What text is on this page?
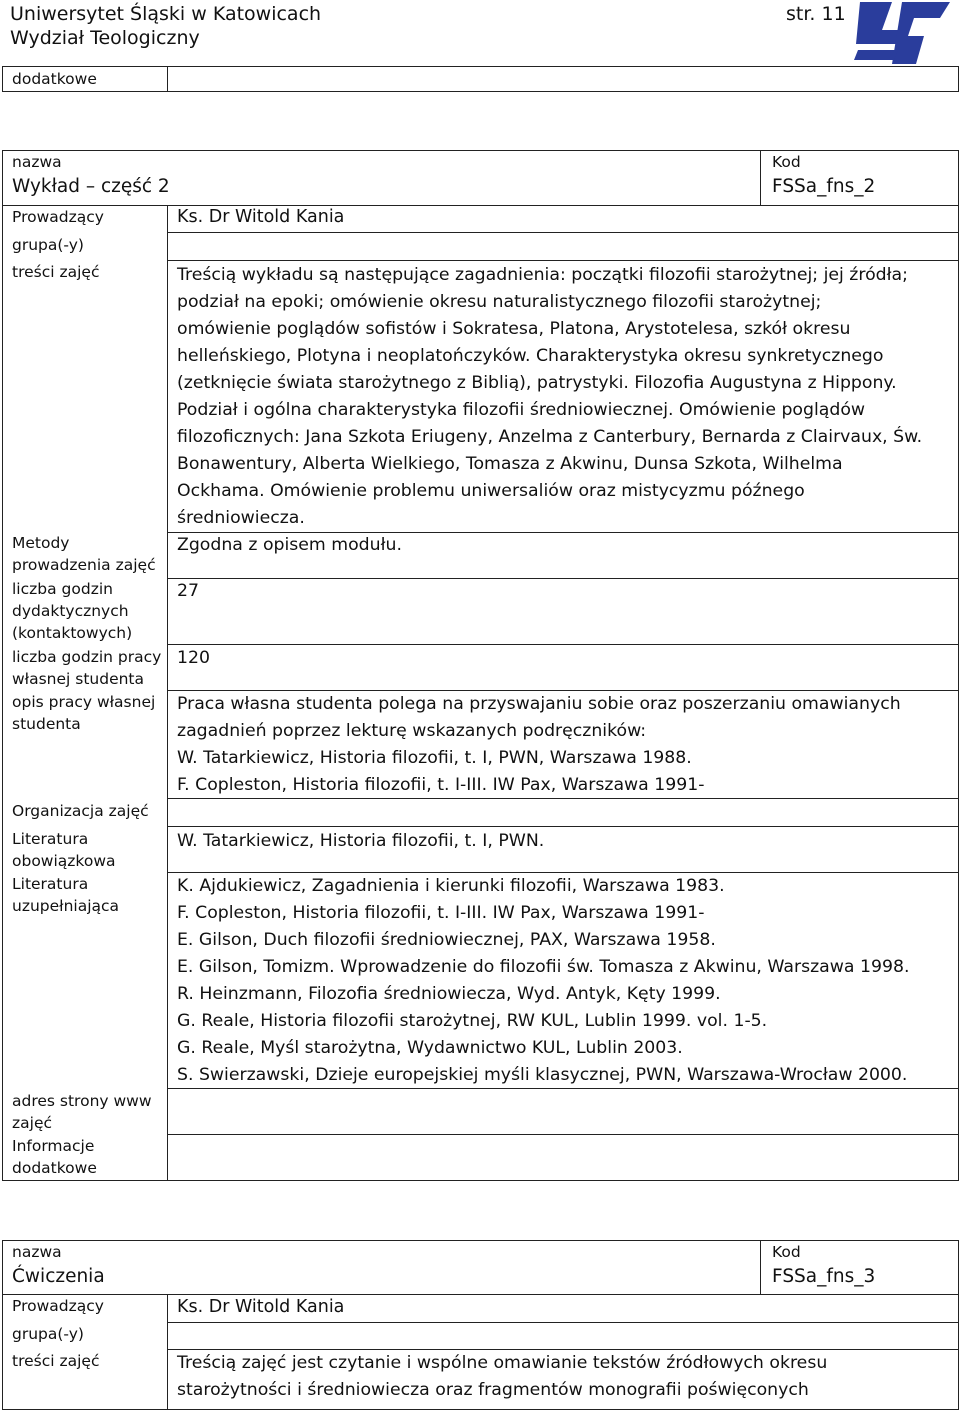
Uniwersytet Śląski w Katowicach
Wydział Teologiczny
str. 11
dodatkowe
nazwa
Wykład – część 2
Kod
FSSa_fns_2
Prowadzący
grupa(-y)
treści zajęć
Metody
prowadzenia zajęć
liczba godzin
dydaktycznych
(kontaktowych)
liczba godzin pracy
własnej studenta
opis pracy własnej
studenta
Organizacja zajęć
Literatura
obowiązkowa
Literatura
uzupełniająca
adres strony www
zajęć
Informacje
dodatkowe
Ks. Dr Witold Kania
Treścią wykładu są następujące zagadnienia: początki filozofii starożytnej; jej źródła;
podział na epoki; omówienie okresu naturalistycznego filozofii starożytnej;
omówienie poglądów sofistów i Sokratesa, Platona, Arystotelesa, szkół okresu
helleńskiego, Plotyna i neoplatończyków. Charakterystyka okresu synkretycznego
(zetknięcie świata starożytnego z Biblią), patrystyki. Filozofia Augustyna z Hippony.
Podział i ogólna charakterystyka filozofii średniowiecznej. Omówienie poglądów
filozoficznych: Jana Szkota Eriugeny, Anzelma z Canterbury, Bernarda z Clairvaux, Św.
Bonawentury, Alberta Wielkiego, Tomasza z Akwinu, Dunsa Szkota, Wilhelma
Ockhama. Omówienie problemu uniwersaliów oraz mistycyzmu późnego
średniowiecza.
Zgodna z opisem modułu.
27
120
Praca własna studenta polega na przyswajaniu sobie oraz poszerzaniu omawianych
zagadnień poprzez lekturę wskazanych podręczników:
W. Tatarkiewicz, Historia filozofii, t. I, PWN, Warszawa 1988.
F. Copleston, Historia filozofii, t. I-III. IW Pax, Warszawa 1991-
W. Tatarkiewicz, Historia filozofii, t. I, PWN.
K. Ajdukiewicz, Zagadnienia i kierunki filozofii, Warszawa 1983.
F. Copleston, Historia filozofii, t. I-III. IW Pax, Warszawa 1991-
E. Gilson, Duch filozofii średniowiecznej, PAX, Warszawa 1958.
E. Gilson, Tomizm. Wprowadzenie do filozofii św. Tomasza z Akwinu, Warszawa 1998.
R. Heinzmann, Filozofia średniowiecza, Wyd. Antyk, Kęty 1999.
G. Reale, Historia filozofii starożytnej, RW KUL, Lublin 1999. vol. 1-5.
G. Reale, Myśl starożytna, Wydawnictwo KUL, Lublin 2003.
S. Swierzawski, Dzieje europejskiej myśli klasycznej, PWN, Warszawa-Wrocław 2000.
nazwa
Ćwiczenia
Kod
FSSa_fns_3
Prowadzący
grupa(-y)
treści zajęć
Ks. Dr Witold Kania
Treścią zajęć jest czytanie i wspólne omawianie tekstów źródłowych okresu
starożytności i średniowiecza oraz fragmentów monografii poświęconych
